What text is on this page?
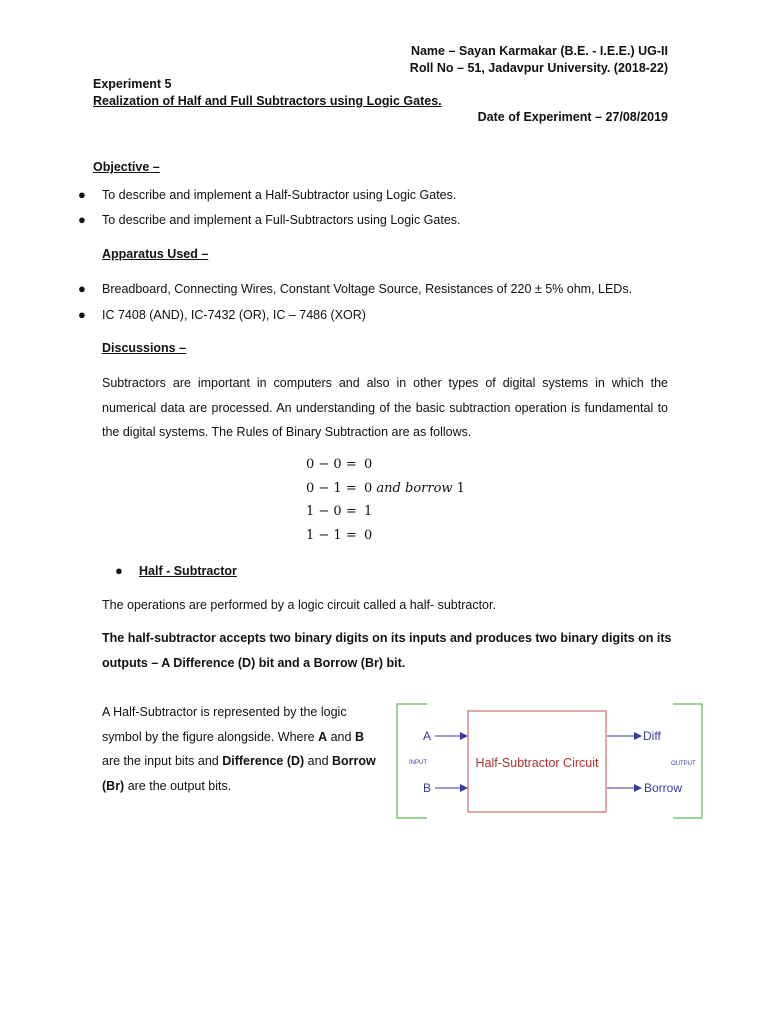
Name – Sayan Karmakar (B.E. - I.E.E.) UG-II
Roll No – 51, Jadavpur University. (2018-22)
Experiment 5
Realization of Half and Full Subtractors using Logic Gates.
Date of Experiment – 27/08/2019
Objective –
● To describe and implement a Half-Subtractor using Logic Gates.
● To describe and implement a Full-Subtractors using Logic Gates.
Apparatus Used –
● Breadboard, Connecting Wires, Constant Voltage Source, Resistances of 220 ± 5% ohm, LEDs.
● IC 7408 (AND), IC-7432 (OR), IC – 7486 (XOR)
Discussions –
Subtractors are important in computers and also in other types of digital systems in which the numerical data are processed. An understanding of the basic subtraction operation is fundamental to the digital systems. The Rules of Binary Subtraction are as follows.
0 − 0 = 0
0 − 1 = 0 and borrow 1
1 − 0 = 1
1 − 1 = 0
● Half - Subtractor
The operations are performed by a logic circuit called a half- subtractor.
The half-subtractor accepts two binary digits on its inputs and produces two binary digits on its outputs – A Difference (D) bit and a Borrow (Br) bit.
A Half-Subtractor is represented by the logic symbol by the figure alongside. Where A and B are the input bits and Difference (D) and Borrow (Br) are the output bits.
Half-Subtractor Circuit
A
INPUT
B
Diff
OUTPUT
Borrow
